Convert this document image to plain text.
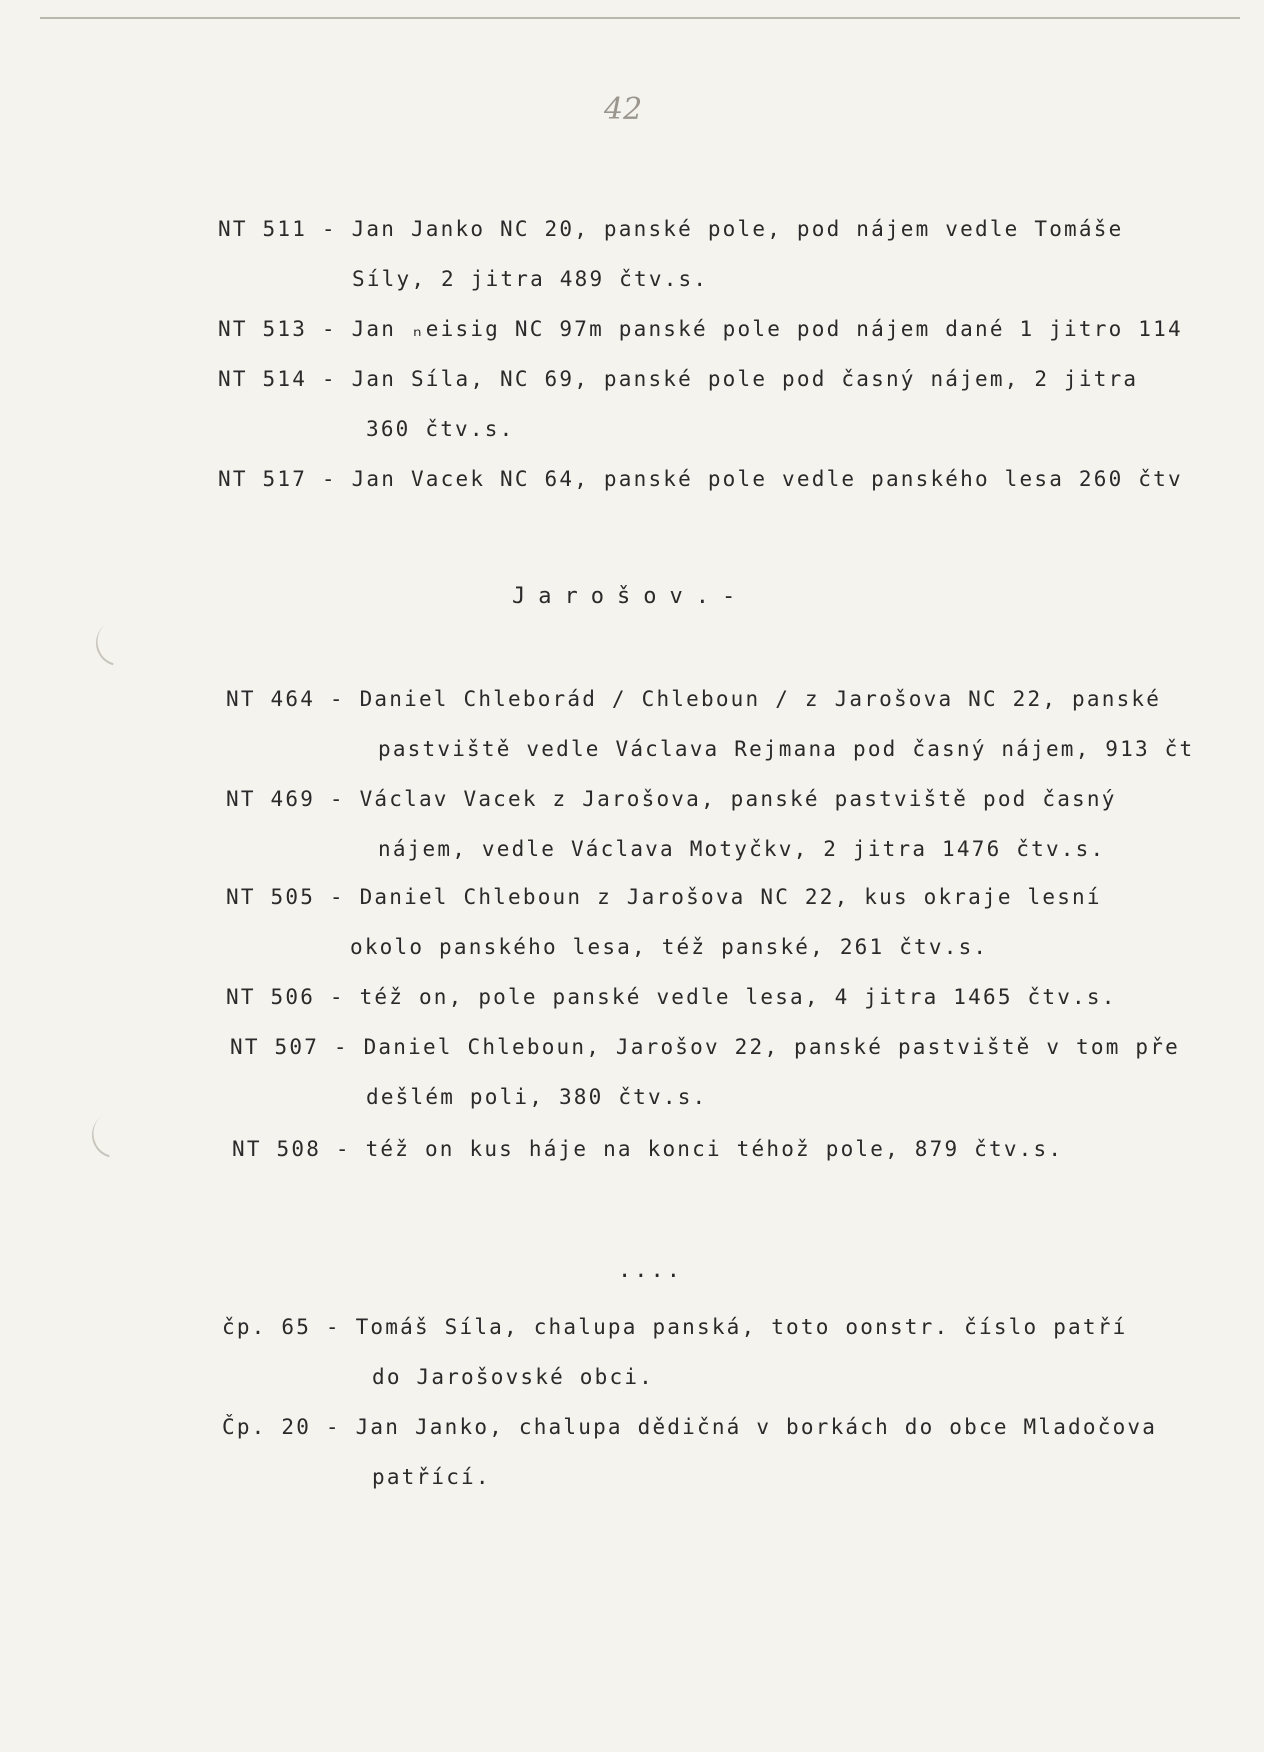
42
NT 511 - Jan Janko NC 20, panské pole, pod nájem vedle Tomáše
Síly, 2 jitra 489 čtv.s.
NT 513 - Jan ₙeisig NC 97m panské pole pod nájem dané 1 jitro 114
NT 514 - Jan Síla, NC 69, panské pole pod časný nájem, 2 jitra
360 čtv.s.
NT 517 - Jan Vacek NC 64, panské pole vedle panského lesa 260 čtv
Jarošov.-
NT 464 - Daniel Chleborád / Chleboun / z Jarošova NC 22, panské
pastviště vedle Václava Rejmana pod časný nájem, 913 čt
NT 469 - Václav Vacek z Jarošova, panské pastviště pod časný
nájem, vedle Václava Motyčkv, 2 jitra 1476 čtv.s.
NT 505 - Daniel Chleboun z Jarošova NC 22, kus okraje lesní
okolo panského lesa, též panské, 261 čtv.s.
NT 506 - též on, pole panské vedle lesa, 4 jitra 1465 čtv.s.
NT 507 - Daniel Chleboun, Jarošov 22, panské pastviště v tom pře
dešlém poli, 380 čtv.s.
NT 508 - též on kus háje na konci téhož pole, 879 čtv.s.
....
čp. 65 - Tomáš Síla, chalupa panská, toto oonstr. číslo patří
do Jarošovské obci.
Čp. 20 - Jan Janko, chalupa dědičná v borkách do obce Mladočova
patřící.
